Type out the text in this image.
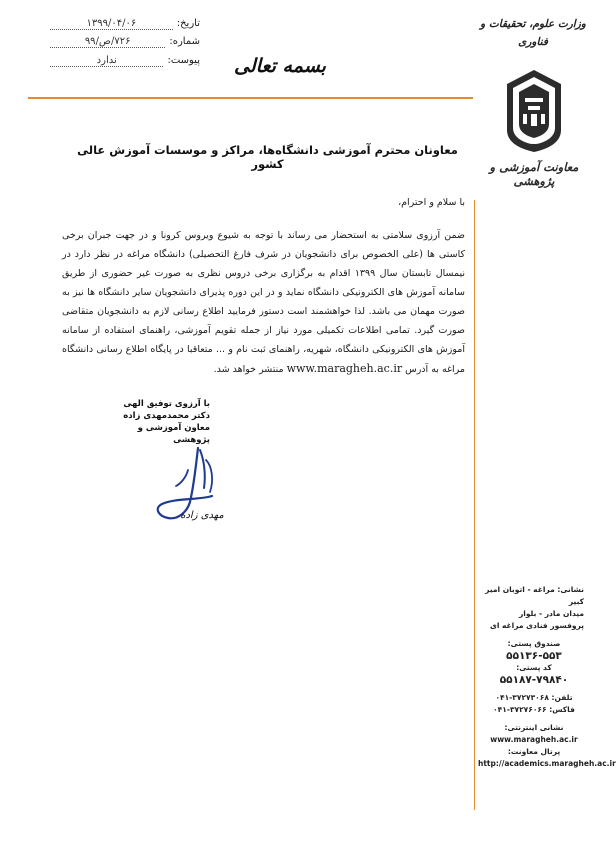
تاریخ:
۱۳۹۹/۰۴/۰۶
شماره:
۷۲۶/ص/۹۹
پیوست:
ندارد	بسمه تعالی
وزارت علوم، تحقیقات و
فناوری
معاونت آموزشی و پژوهشی
معاونان محترم آموزشی دانشگاه‌ها، مراکز و موسسات آموزش عالی کشور
با سلام و احترام،
ضمن آرزوی سلامتی به استحضار می رساند با توجه به شیوع ویروس کرونا و در جهت جبران برخی کاستی ها (علی الخصوص برای دانشجویان در شرف فارغ التحصیلی) دانشگاه مراغه در نظر دارد در نیمسال تابستان سال ۱۳۹۹ اقدام به برگزاری برخی دروس نظری به صورت غیر حضوری از طریق سامانه آموزش های الکترونیکی دانشگاه نماید و در این دوره پذیرای دانشجویان سایر دانشگاه ها نیز به صورت مهمان می باشد. لذا خواهشمند است دستور فرمایید اطلاع رسانی لازم به دانشجویان متقاضی صورت گیرد. تمامی اطلاعات تکمیلی مورد نیاز از جمله تقویم آموزشی، راهنمای استفاده از سامانه آموزش های الکترونیکی دانشگاه، شهریه، راهنمای ثبت نام و ... متعاقبا در پایگاه اطلاع رسانی دانشگاه مراغه به آدرس www.maragheh.ac.ir منتشر خواهد شد.
با آرزوی توفیق الهی
دکتر محمدمهدی زاده
معاون آموزشی و پژوهشی
مهدی زاده
نشانی: مراغه - اتوبان امیر کبیر
میدان مادر - بلوار
پروفسور فنادی مراغه ای
صندوق پستی:
۵۵۱۳۶-۵۵۳
کد پستی:
۵۵۱۸۷-۷۹۸۴۰
تلفن: ۳۷۲۷۳۰۶۸-۰۴۱
فاکس: ۳۷۲۷۶۰۶۶-۰۴۱
نشانی اینترنتی:
www.maragheh.ac.ir
پرتال معاونت:
http://academics.maragheh.ac.ir
